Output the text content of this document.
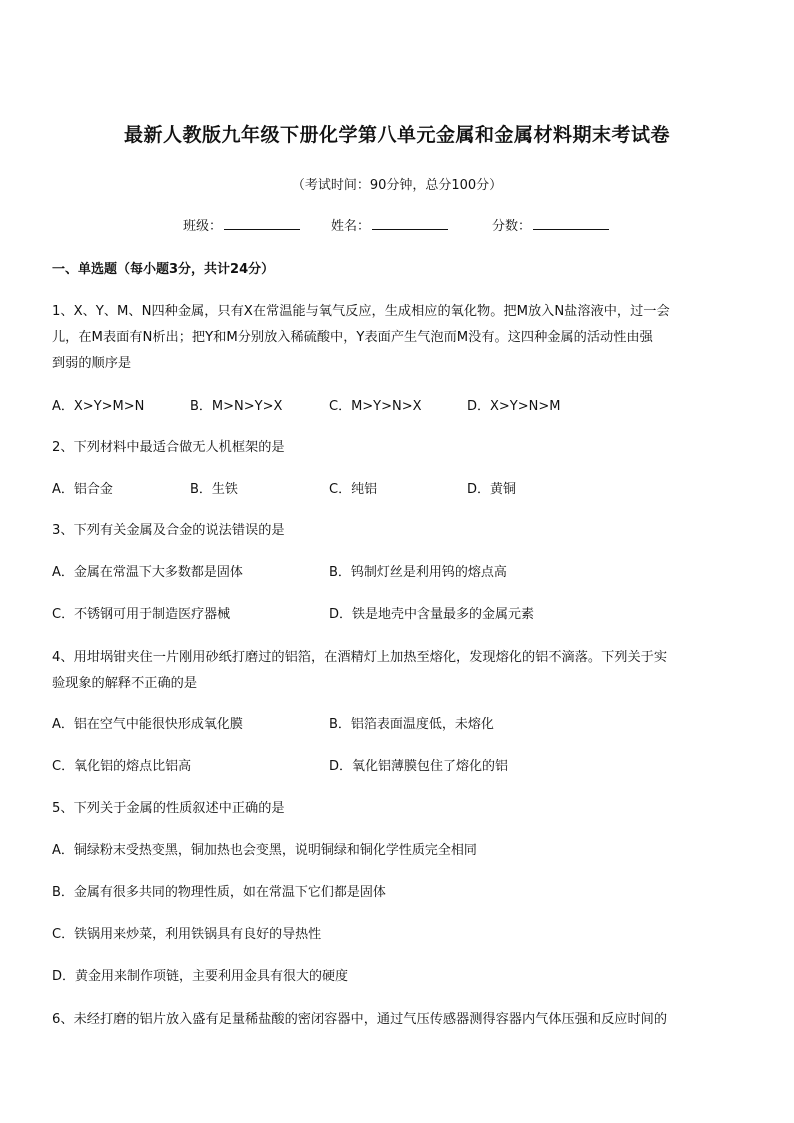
最新人教版九年级下册化学第八单元金属和金属材料期末考试卷
（考试时间：90分钟，总分100分）
班级：	姓名：	分数：
一、单选题（每小题3分，共计24分）
1、X、Y、M、N四种金属，只有X在常温能与氧气反应，生成相应的氧化物。把M放入N盐溶液中，过一会
儿，在M表面有N析出；把Y和M分别放入稀硫酸中，Y表面产生气泡而M没有。这四种金属的活动性由强
到弱的顺序是
A．X>Y>M>N	B．M>N>Y>X	C．M>Y>N>X	D．X>Y>N>M
2、下列材料中最适合做无人机框架的是
A．铝合金	B．生铁	C．纯铝	D．黄铜
3、下列有关金属及合金的说法错误的是
A．金属在常温下大多数都是固体	B．钨制灯丝是利用钨的熔点高
C．不锈钢可用于制造医疗器械	D．铁是地壳中含量最多的金属元素
4、用坩埚钳夹住一片刚用砂纸打磨过的铝箔，在酒精灯上加热至熔化，发现熔化的铝不滴落。下列关于实
验现象的解释不正确的是
A．铝在空气中能很快形成氧化膜	B．铝箔表面温度低，未熔化
C．氧化铝的熔点比铝高	D．氧化铝薄膜包住了熔化的铝
5、下列关于金属的性质叙述中正确的是
A．铜绿粉末受热变黑，铜加热也会变黑，说明铜绿和铜化学性质完全相同
B．金属有很多共同的物理性质，如在常温下它们都是固体
C．铁锅用来炒菜，利用铁锅具有良好的导热性
D．黄金用来制作项链，主要利用金具有很大的硬度
6、未经打磨的铝片放入盛有足量稀盐酸的密闭容器中，通过气压传感器测得容器内气体压强和反应时间的
